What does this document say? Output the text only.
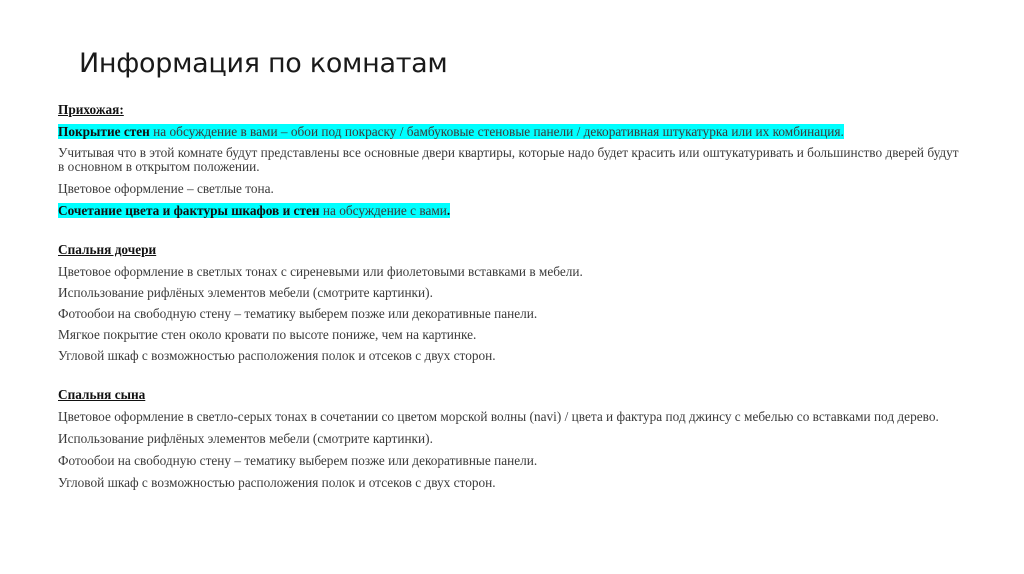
Информация по комнатам

Прихожая:

Покрытие стен на обсуждение в вами – обои под покраску / бамбуковые стеновые панели / декоративная штукатурка или их комбинация.

Учитывая что в этой комнате будут представлены все основные двери квартиры, которые надо будет красить или оштукатуривать и большинство дверей будут в основном в открытом положении.

Цветовое оформление – светлые тона.

Сочетание цвета и фактуры шкафов и стен на обсуждение с вами.

Спальня дочери

Цветовое оформление в светлых тонах с сиреневыми или фиолетовыми вставками в мебели.

Использование рифлёных элементов мебели (смотрите картинки).

Фотообои на свободную стену – тематику выберем позже или декоративные панели.

Мягкое покрытие стен около кровати по высоте пониже, чем на картинке.

Угловой шкаф с возможностью расположения полок и отсеков с двух сторон.

Спальня сына

Цветовое оформление в светло-серых тонах в сочетании со цветом морской волны (navi) / цвета и фактура под джинсу с мебелью со вставками под дерево.

Использование рифлёных элементов мебели (смотрите картинки).

Фотообои на свободную стену – тематику выберем позже или декоративные панели.

Угловой шкаф с возможностью расположения полок и отсеков с двух сторон.
